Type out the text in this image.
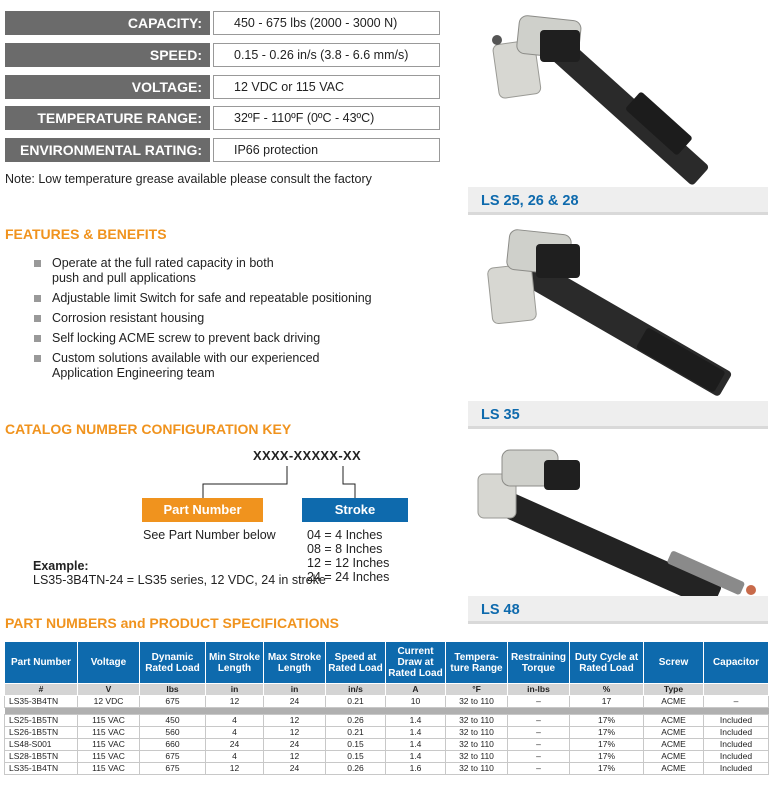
CAPACITY:	450 - 675 lbs (2000 - 3000 N)
SPEED:	0.15 - 0.26 in/s (3.8 - 6.6 mm/s)
VOLTAGE:	12 VDC or 115 VAC
TEMPERATURE RANGE:	32ºF - 110ºF (0ºC - 43ºC)
ENVIRONMENTAL RATING:	IP66 protection
Note: Low temperature grease available please consult the factory
FEATURES & BENEFITS
Operate at the full rated capacity in both push and pull applications
Adjustable limit Switch for safe and repeatable positioning
Corrosion resistant housing
Self locking ACME screw to prevent back driving
Custom solutions available with our experienced Application Engineering team
CATALOG NUMBER CONFIGURATION KEY
XXXX-XXXXX-XX
Part Number	Stroke
See Part Number below	04 = 4 Inches
08 = 8 Inches
12 = 12 Inches
24 = 24 Inches
Example:
LS35-3B4TN-24 = LS35 series, 12 VDC, 24 in stroke
LS 25, 26 & 28
LS 35
LS 48
PART NUMBERS and PRODUCT SPECIFICATIONS
Part Number	Voltage	Dynamic Rated Load	Min Stroke Length	Max Stroke Length	Speed at Rated Load	Current Draw at Rated Load	Tempera-ture Range	Restraining Torque	Duty Cycle at Rated Load	Screw	Capacitor
#	V	lbs	in	in	in/s	A	°F	in-lbs	%	Type	
LS35-3B4TN	12 VDC	675	12	24	0.21	10	32 to 110	–	17	ACME	–

LS25-1B5TN	115 VAC	450	4	12	0.26	1.4	32 to 110	–	17%	ACME	Included
LS26-1B5TN	115 VAC	560	4	12	0.21	1.4	32 to 110	–	17%	ACME	Included
LS48-S001	115 VAC	660	24	24	0.15	1.4	32 to 110	–	17%	ACME	Included
LS28-1B5TN	115 VAC	675	4	12	0.15	1.4	32 to 110	–	17%	ACME	Included
LS35-1B4TN	115 VAC	675	12	24	0.26	1.6	32 to 110	–	17%	ACME	Included
